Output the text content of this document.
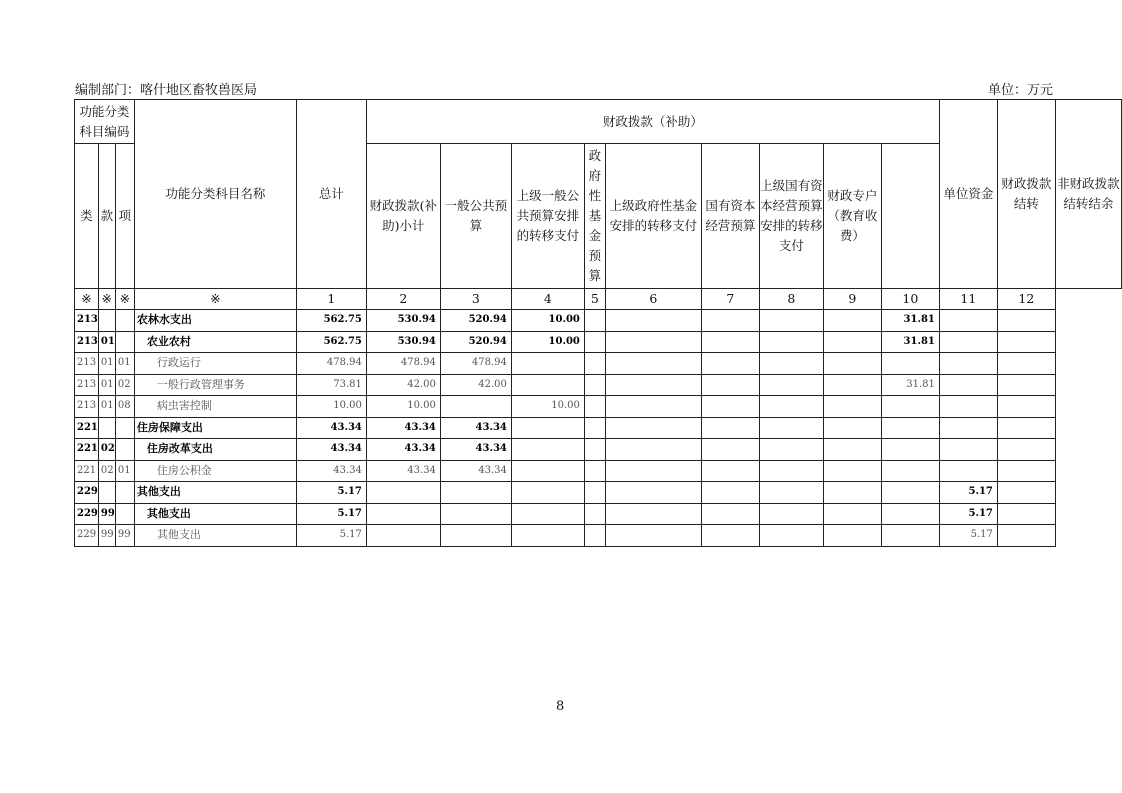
编制部门：喀什地区畜牧兽医局	单位：万元
功能分类科目编码			功能分类科目名称	总计	财政拨款（补助）									单位资金	财政拨款结转	非财政拨款结转结余
类	款	项			财政拨款(补助)小计	一般公共预算	上级一般公共预算安排的转移支付	政府性基金预算	上级政府性基金安排的转移支付	国有资本经营预算	上级国有资本经营预算安排的转移支付	财政专户（教育收费）				
※	※	※	※	1	2	3	4	5	6	7	8	9	10	11	12	
213			农林水支出	562.75	530.94	520.94	10.00						31.81			
213	01		农业农村	562.75	530.94	520.94	10.00						31.81			
213	01	01	行政运行	478.94	478.94	478.94										
213	01	02	一般行政管理事务	73.81	42.00	42.00							31.81			
213	01	08	病虫害控制	10.00	10.00		10.00									
221			住房保障支出	43.34	43.34	43.34										
221	02		住房改革支出	43.34	43.34	43.34										
221	02	01	住房公积金	43.34	43.34	43.34										
229			其他支出	5.17										5.17		
229	99		其他支出	5.17										5.17		
229	99	99	其他支出	5.17										5.17		
8
